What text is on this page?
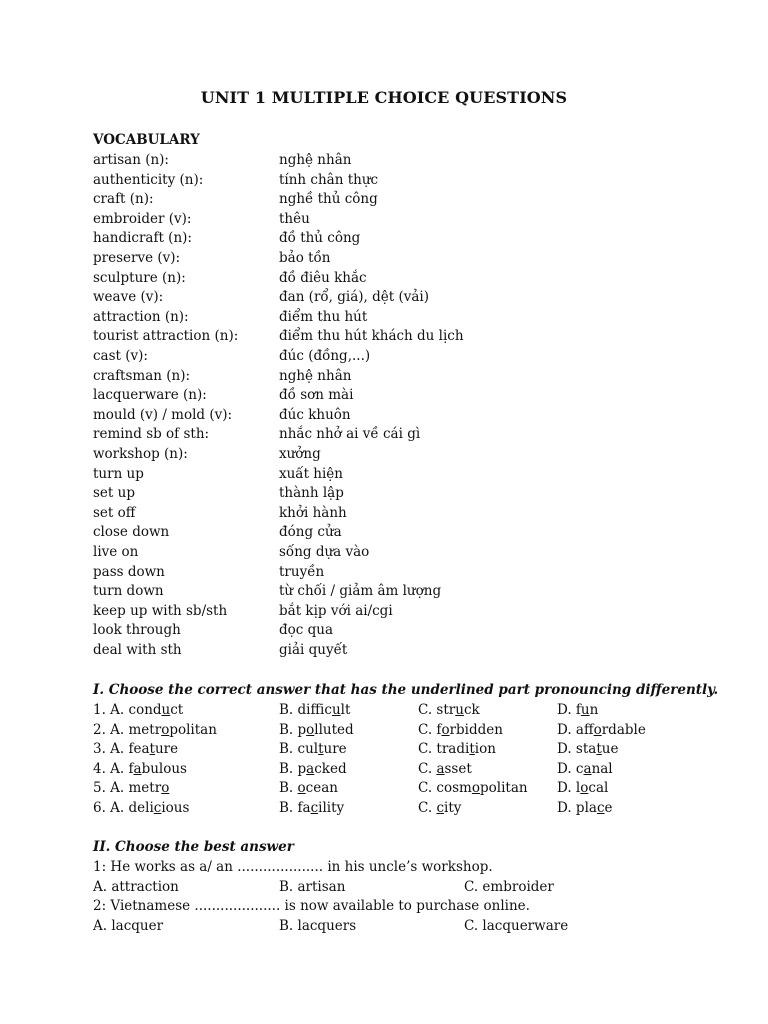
UNIT 1 MULTIPLE CHOICE QUESTIONS
VOCABULARY
artisan (n):	nghệ nhân
authenticity (n):	tính chân thực
craft (n):	nghề thủ công
embroider (v):	thêu
handicraft (n):	đồ thủ công
preserve (v):	bảo tồn
sculpture (n):	đồ điêu khắc
weave (v):	đan (rổ, giá), dệt (vải)
attraction (n):	điểm thu hút
tourist attraction (n):	điểm thu hút khách du lịch
cast (v):	đúc (đồng,...)
craftsman (n):	nghệ nhân
lacquerware (n):	đồ sơn mài
mould (v) / mold (v):	đúc khuôn
remind sb of sth:	nhắc nhở ai về cái gì
workshop (n):	xưởng
turn up	xuất hiện
set up	thành lập
set off	khởi hành
close down	đóng cửa
live on	sống dựa vào
pass down	truyền
turn down	từ chối / giảm âm lượng
keep up with sb/sth	bắt kịp với ai/cgi
look through	đọc qua
deal with sth	giải quyết
I. Choose the correct answer that has the underlined part pronouncing differently.
1. A. conduct	B. difficult	C. struck	D. fun
2. A. metropolitan	B. polluted	C. forbidden	D. affordable
3. A. feature	B. culture	C. tradition	D. statue
4. A. fabulous	B. packed	C. asset	D. canal
5. A. metro	B. ocean	C. cosmopolitan D. local
6. A. delicious	B. facility	C. city	D. place
II. Choose the best answer
1: He works as a/ an .................... in his uncle’s workshop.
A. attraction	B. artisan	C. embroider
2: Vietnamese .................... is now available to purchase online.
A. lacquer	B. lacquers	C. lacquerware
